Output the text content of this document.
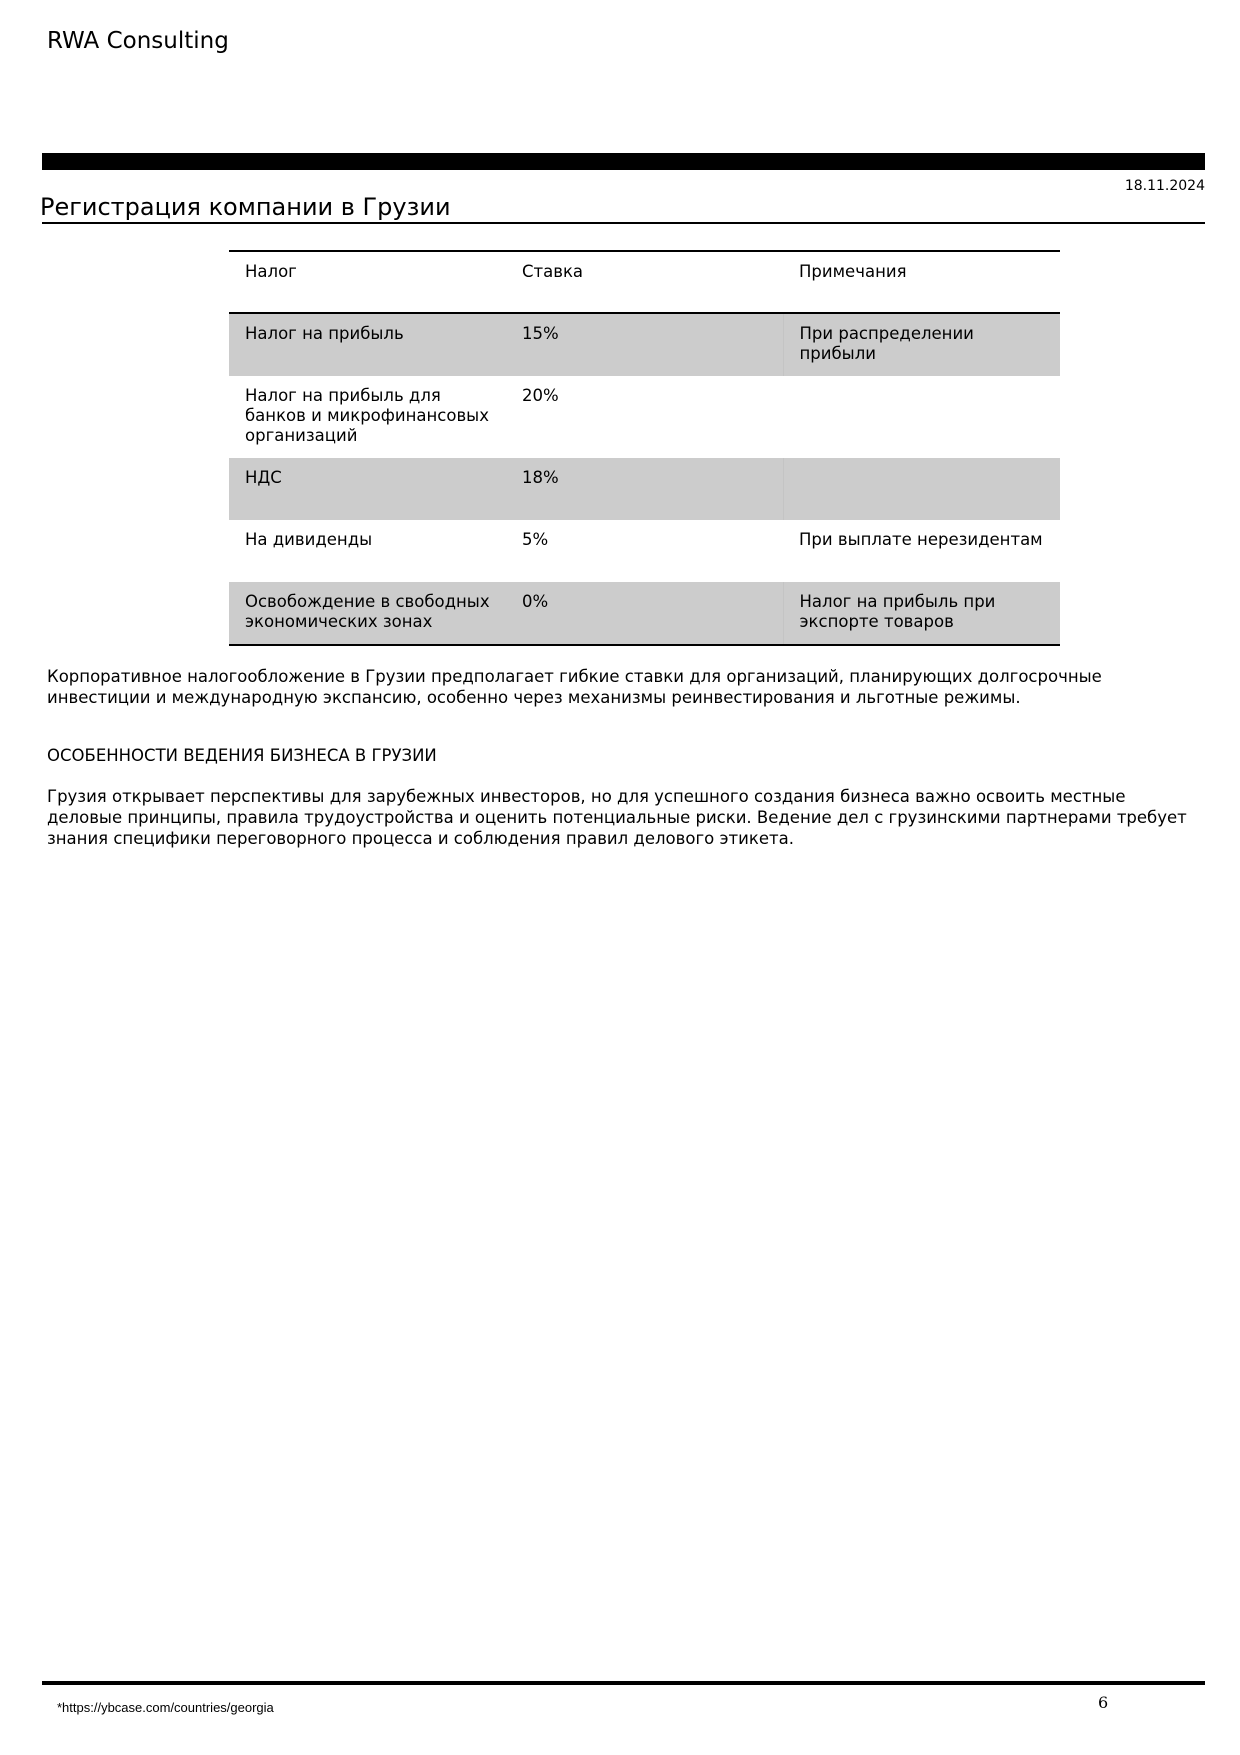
RWA Consulting
18.11.2024
Регистрация компании в Грузии
Налог	Ставка	Примечания
Налог на прибыль	15%	При распределении прибыли
Налог на прибыль для банков и микрофинансовых организаций	20%	
НДС	18%	
На дивиденды	5%	При выплате нерезидентам
Освобождение в свободных экономических зонах	0%	Налог на прибыль при экспорте товаров
Корпоративное налогообложение в Грузии предполагает гибкие ставки для организаций, планирующих долгосрочные инвестиции и международную экспансию, особенно через механизмы реинвестирования и льготные режимы.
ОСОБЕННОСТИ ВЕДЕНИЯ БИЗНЕСА В ГРУЗИИ
Грузия открывает перспективы для зарубежных инвесторов, но для успешного создания бизнеса важно освоить местные деловые принципы, правила трудоустройства и оценить потенциальные риски. Ведение дел с грузинскими партнерами требует знания специфики переговорного процесса и соблюдения правил делового этикета.
*https://ybcase.com/countries/georgia	6
